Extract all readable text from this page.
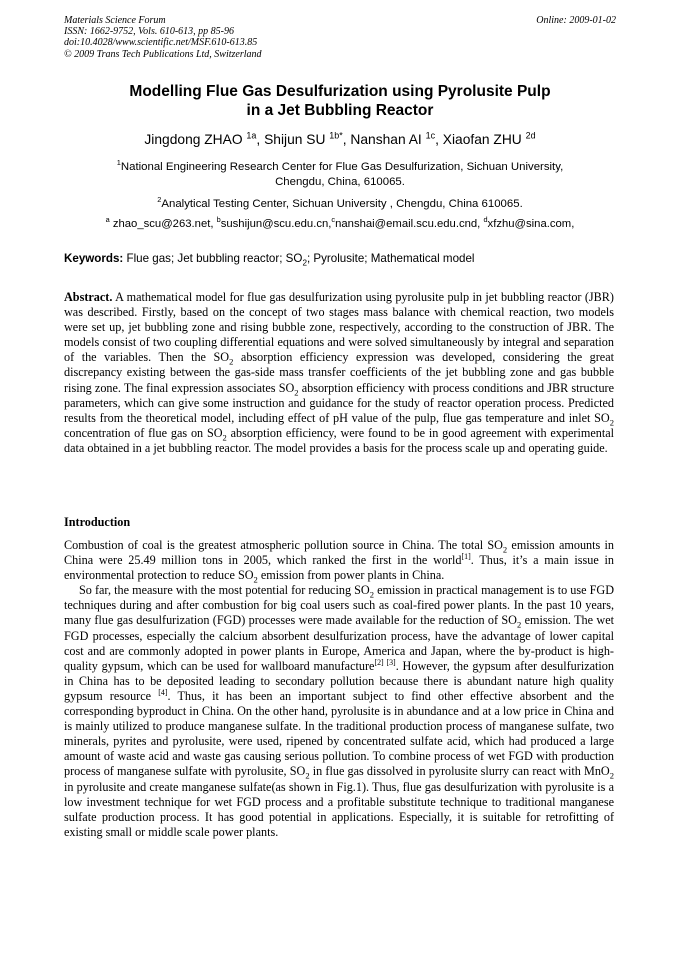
Materials Science Forum
ISSN: 1662-9752, Vols. 610-613, pp 85-96
doi:10.4028/www.scientific.net/MSF.610-613.85
© 2009 Trans Tech Publications Ltd, Switzerland
Online: 2009-01-02
Modelling Flue Gas Desulfurization using Pyrolusite Pulp
in a Jet Bubbling Reactor
Jingdong ZHAO $^{1a}$, Shijun SU $^{1b*}$, Nanshan AI $^{1c}$, Xiaofan ZHU $^{2d}$
$^1$National Engineering Research Center for Flue Gas Desulfurization, Sichuan University,
Chengdu, China, 610065.
$^2$Analytical Testing Center, Sichuan University , Chengdu, China 610065.
$^a$ zhao_scu@263.net, $^b$sushijun@scu.edu.cn,$^c$nanshai@email.scu.edu.cnd, $^d$xfzhu@sina.com,
Keywords: Flue gas; Jet bubbling reactor; $SO_2$; Pyrolusite; Mathematical model

Abstract. A mathematical model for flue gas desulfurization using pyrolusite pulp in jet bubbling reactor (JBR) was described. Firstly, based on the concept of two stages mass balance with chemical reaction, two models were set up, jet bubbling zone and rising bubble zone, respectively, according to the construction of JBR. The models consist of two coupling differential equations and were solved simultaneously by integral and separation of the variables. Then the $SO_2$ absorption efficiency expression was developed, considering the great discrepancy existing between the gas-side mass transfer coefficients of the jet bubbling zone and gas bubble rising zone. The final expression associates $SO_2$ absorption efficiency with process conditions and JBR structure parameters, which can give some instruction and guidance for the study of reactor operation process. Predicted results from the theoretical model, including effect of pH value of the pulp, flue gas temperature and inlet $SO_2$ concentration of flue gas on $SO_2$ absorption efficiency, were found to be in good agreement with experimental data obtained in a jet bubbling reactor. The model provides a basis for the process scale up and operating guide.

Introduction

Combustion of coal is the greatest atmospheric pollution source in China. The total $SO_2$ emission amounts in China were 25.49 million tons in 2005, which ranked the first in the world[1]. Thus, it’s a main issue in environmental protection to reduce $SO_2$ emission from power plants in China.

So far, the measure with the most potential for reducing $SO_2$ emission in practical management is to use FGD techniques during and after combustion for big coal users such as coal-fired power plants. In the past 10 years, many flue gas desulfurization (FGD) processes were made available for the reduction of $SO_2$ emission. The wet FGD processes, especially the calcium absorbent desulfurization process, have the advantage of lower capital cost and are commonly adopted in power plants in Europe, America and Japan, where the by-product is high-quality gypsum, which can be used for wallboard manufacture[2] [3]. However, the gypsum after desulfurization in China has to be deposited leading to secondary pollution because there is abundant nature high quality gypsum resource [4]. Thus, it has been an important subject to find other effective absorbent and the corresponding byproduct in China. On the other hand, pyrolusite is in abundance and at a low price in China and is mainly utilized to produce manganese sulfate. In the traditional production process of manganese sulfate, two minerals, pyrites and pyrolusite, were used, ripened by concentrated sulfate acid, which had produced a large amount of waste acid and waste gas causing serious pollution. To combine process of wet FGD with production process of manganese sulfate with pyrolusite, $SO_2$ in flue gas dissolved in pyrolusite slurry can react with MnO$_2$ in pyrolusite and create manganese sulfate(as shown in Fig.1). Thus, flue gas desulfurization with pyrolusite is a low investment technique for wet FGD process and a profitable substitute technique to traditional manganese sulfate production process. It has good potential in applications. Especially, it is suitable for retrofitting of existing small or middle scale power plants.
